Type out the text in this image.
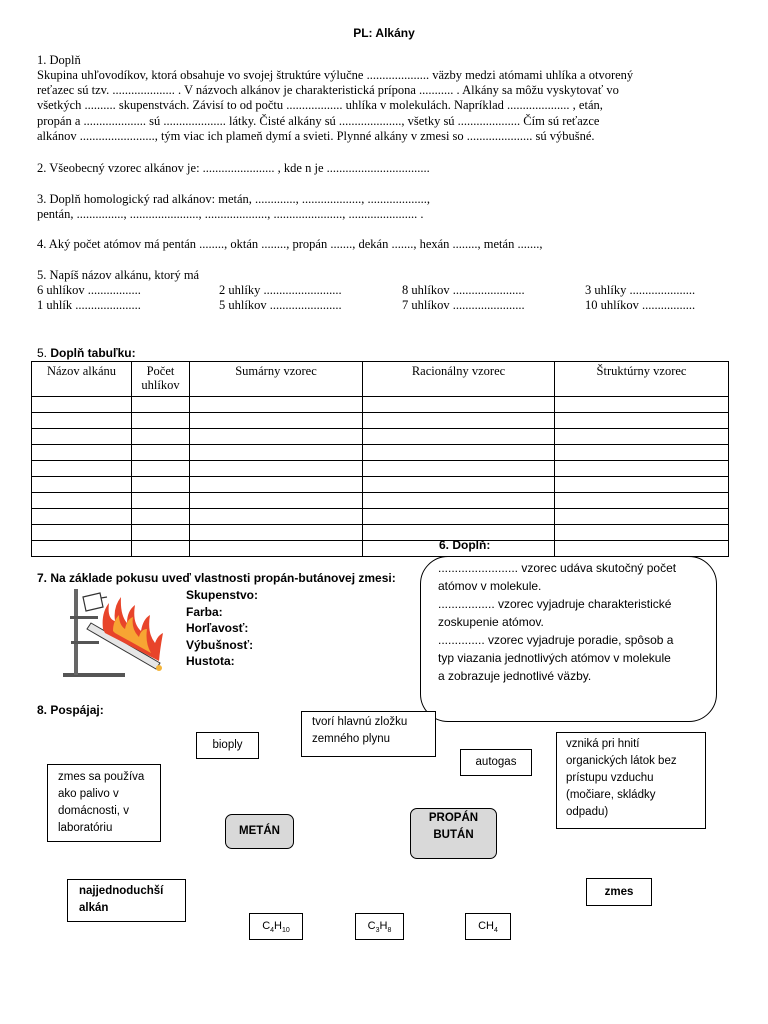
PL: Alkány
1. Doplň
Skupina uhľovodíkov, ktorá obsahuje vo svojej štruktúre výlučne .................... väzby medzi atómami uhlíka a otvorený
reťazec sú tzv. .................... . V názvoch alkánov je charakteristická prípona ........... . Alkány sa môžu vyskytovať vo
všetkých .......... skupenstvách. Závisí to od počtu .................. uhlíka v molekulách. Napríklad .................... , etán,
propán a .................... sú .................... látky. Čisté alkány sú ...................., všetky sú .................... Čím sú reťazce
alkánov ........................, tým viac ich plameň dymí a svieti. Plynné alkány v zmesi so ..................... sú výbušné.
2. Všeobecný vzorec alkánov je: ....................... , kde n je .................................
3. Doplň homologický rad alkánov: metán, ............., ..................., ...................,
pentán, ..............., ......................, ...................., ......................, ...................... .
4. Aký počet atómov má pentán ........, oktán ........, propán ......., dekán ......., hexán ........, metán .......,
5. Napíš názov alkánu, ktorý má
6 uhlíkov .................	2 uhlíky .........................	8 uhlíkov .......................	3 uhlíky .....................
1 uhlík .....................	5 uhlíkov .......................	7 uhlíkov .......................	10 uhlíkov .................
5. Doplň tabuľku:
Názov alkánu	Počet uhlíkov	Sumárny vzorec	Racionálny vzorec	Štruktúrny vzorec

6. Doplň:
........................ vzorec udáva skutočný počet
atómov v molekule.
................. vzorec vyjadruje charakteristické
zoskupenie atómov.
.............. vzorec vyjadruje poradie, spôsob a
typ viazania jednotlivých atómov v molekule
a zobrazuje jednotlivé väzby.
7. Na základe pokusu uveď vlastnosti propán-butánovej zmesi:
Skupenstvo:
Farba:
Horľavosť:
Výbušnosť:
Hustota:
8. Pospájaj:
bioply
tvorí hlavnú zložku
zemného plynu
autogas
vzniká pri hnití
organických látok bez
prístupu vzduchu
(močiare, skládky
odpadu)
zmes sa používa
ako palivo v
domácnosti, v
laboratóriu	METÁN
PROPÁN
BUTÁN
najjednoduchší
alkán
zmes
$C_4H_{10}$	$C_3H_8$	$CH_4$
